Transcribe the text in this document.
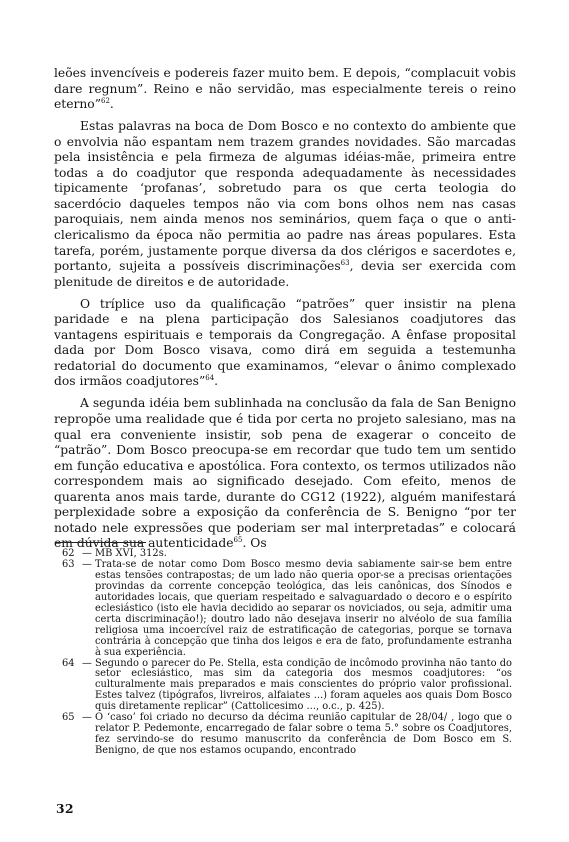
leões invencíveis e podereis fazer muito bem. E depois, “complacuit vobis dare regnum”. Reino e não servidão, mas especialmente tereis o reino eterno”$^{62}$.

Estas palavras na boca de Dom Bosco e no contexto do ambiente que o envolvia não espantam nem trazem grandes novidades. São marcadas pela insistência e pela firmeza de algumas idéias-mãe, primeira entre todas a do coadjutor que responda adequadamente às necessidades tipicamente ‘profanas’, sobretudo para os que certa teologia do sacerdócio daqueles tempos não via com bons olhos nem nas casas paroquiais, nem ainda menos nos seminários, quem faça o que o anti-clericalismo da época não permitia ao padre nas áreas populares. Esta tarefa, porém, justamente porque diversa da dos clérigos e sacerdotes e, portanto, sujeita a possíveis discriminações$^{63}$, devia ser exercida com plenitude de direitos e de autoridade.

O tríplice uso da qualificação “patrões” quer insistir na plena paridade e na plena participação dos Salesianos coadjutores das vantagens espirituais e temporais da Congregação. A ênfase proposital dada por Dom Bosco visava, como dirá em seguida a testemunha redatorial do documento que examinamos, “elevar o ânimo complexado dos irmãos coadjutores”$^{64}$.

A segunda idéia bem sublinhada na conclusão da fala de San Benigno repropõe uma realidade que é tida por certa no projeto salesiano, mas na qual era conveniente insistir, sob pena de exagerar o conceito de “patrão”. Dom Bosco preocupa-se em recordar que tudo tem um sentido em função educativa e apostólica. Fora contexto, os termos utilizados não correspondem mais ao significado desejado. Com efeito, menos de quarenta anos mais tarde, durante do CG12 (1922), alguém manifestará perplexidade sobre a exposição da conferência de S. Benigno “por ter notado nele expressões que poderiam ser mal interpretadas” e colocará em dúvida sua autenticidade$^{65}$. Os

62 — MB XVI, 312s.
63 — Trata-se de notar como Dom Bosco mesmo devia sabiamente sair-se bem entre estas tensões contrapostas; de um lado não queria opor-se a precisas orientações provindas da corrente concepção teológica, das leis canônicas, dos Sínodos e autoridades locais, que queriam respeitado e salvaguardado o decoro e o espírito eclesiástico (isto ele havia decidido ao separar os noviciados, ou seja, admitir uma certa discriminação!); doutro lado não desejava inserir no alvéolo de sua família religiosa uma incoercível raiz de estratificação de categorias, porque se tornava contrária à concepção que tinha dos leigos e era de fato, profundamente estranha à sua experiência.
64 — Segundo o parecer do Pe. Stella, esta condição de incômodo provinha não tanto do setor eclesiástico, mas sim da categoria dos mesmos coadjutores: “os culturalmente mais preparados e mais conscientes do próprio valor profissional. Estes talvez (tipógrafos, livreiros, alfaiates ...) foram aqueles aos quais Dom Bosco quis diretamente replicar” (Cattolicesimo ..., o.c., p. 425).
65 — O ‘caso’ foi criado no decurso da décima reunião capitular de 28/04/ , logo que o relator P. Pedemonte, encarregado de falar sobre o tema 5.° sobre os Coadjutores, fez servindo-se do resumo manuscrito da conferência de Dom Bosco em S. Benigno, de que nos estamos ocupando, encontrado
32
